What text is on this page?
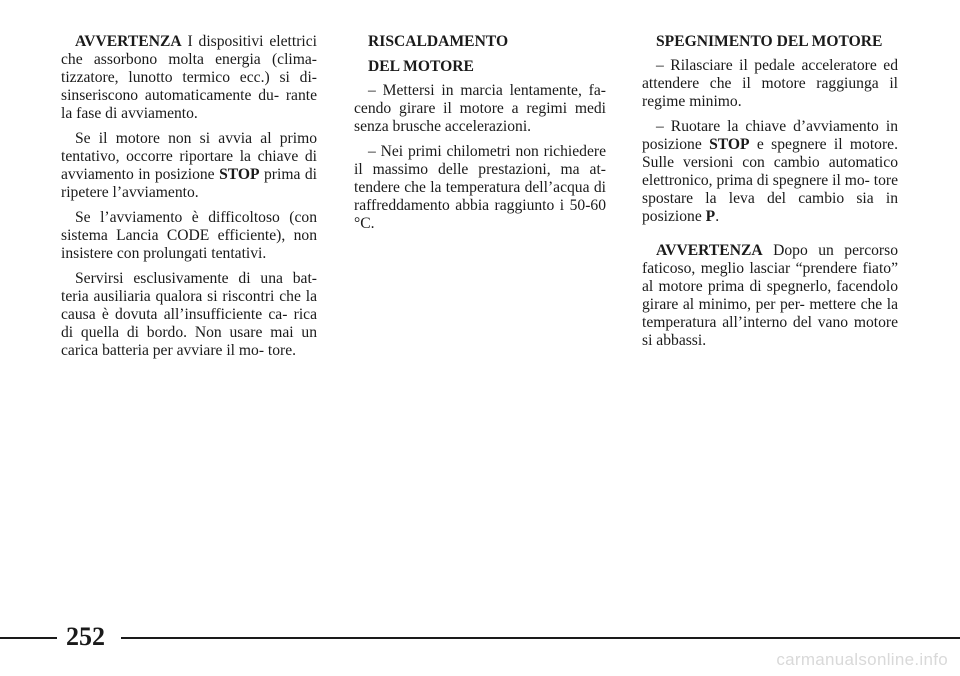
AVVERTENZA I dispositivi elettrici che assorbono molta energia (clima- tizzatore, lunotto termico ecc.) si di- sinseriscono automaticamente du- rante la fase di avviamento.

Se il motore non si avvia al primo tentativo, occorre riportare la chiave di avviamento in posizione STOP prima di ripetere l’avviamento.

Se l’avviamento è difficoltoso (con sistema Lancia CODE efficiente), non insistere con prolungati tentativi.

Servirsi esclusivamente di una bat- teria ausiliaria qualora si riscontri che la causa è dovuta all’insufficiente ca- rica di quella di bordo. Non usare mai un carica batteria per avviare il mo- tore.

RISCALDAMENTO

DEL MOTORE

– Mettersi in marcia lentamente, fa- cendo girare il motore a regimi medi senza brusche accelerazioni.

– Nei primi chilometri non richiedere il massimo delle prestazioni, ma at- tendere che la temperatura dell’acqua di raffreddamento abbia raggiunto i 50-60 °C.

SPEGNIMENTO DEL MOTORE

– Rilasciare il pedale acceleratore ed attendere che il motore raggiunga il regime minimo.

– Ruotare la chiave d’avviamento in posizione STOP e spegnere il motore. Sulle versioni con cambio automatico elettronico, prima di spegnere il mo- tore spostare la leva del cambio sia in posizione P.

AVVERTENZA Dopo un percorso faticoso, meglio lasciar “prendere fiato” al motore prima di spegnerlo, facendolo girare al minimo, per per- mettere che la temperatura all’interno del vano motore si abbassi.

252
carmanualsonline.info
